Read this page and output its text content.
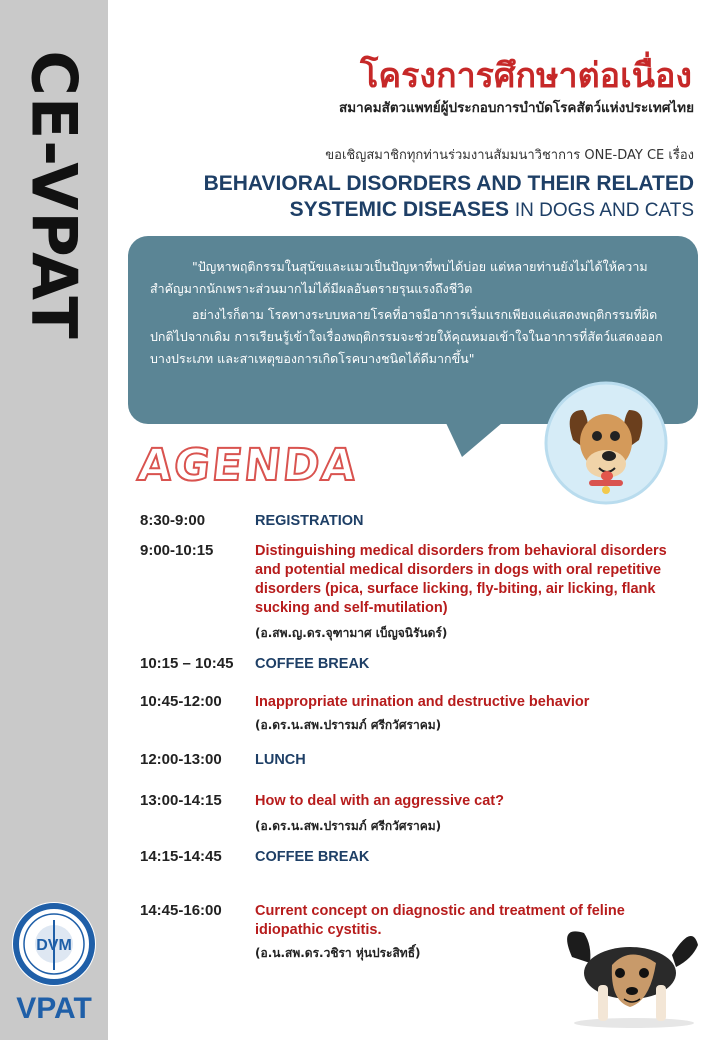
CE-VPAT
DVM
VPAT
โครงการศึกษาต่อเนื่อง
สมาคมสัตวแพทย์ผู้ประกอบการบำบัดโรคสัตว์แห่งประเทศไทย
ขอเชิญสมาชิกทุกท่านร่วมงานสัมมนาวิชาการ ONE-DAY CE เรื่อง
BEHAVIORAL DISORDERS AND THEIR RELATED
SYSTEMIC DISEASES IN DOGS AND CATS

"ปัญหาพฤติกรรมในสุนัขและแมวเป็นปัญหาที่พบได้บ่อย แต่หลายท่านยังไม่ได้ให้ความสำคัญมากนักเพราะส่วนมากไม่ได้มีผลอันตรายรุนแรงถึงชีวิต

อย่างไรก็ตาม โรคทางระบบหลายโรคที่อาจมีอาการเริ่มแรกเพียงแค่แสดงพฤติกรรมที่ผิดปกติไปจากเดิม การเรียนรู้เข้าใจเรื่องพฤติกรรมจะช่วยให้คุณหมอเข้าใจในอาการที่สัตว์แสดงออกบางประเภท และสาเหตุของการเกิดโรคบางชนิดได้ดีมากขึ้น"

AGENDA
8:30-9:00	REGISTRATION
9:00-10:15	Distinguishing medical disorders from behavioral disorders and potential medical disorders in dogs with oral repetitive disorders (pica, surface licking, fly-biting, air licking, flank sucking and self-mutilation)
(อ.สพ.ญ.ดร.จุฑามาศ เบ็ญจนิรันดร์)
10:15 – 10:45 COFFEE BREAK
10:45-12:00 Inappropriate urination and destructive behavior
(อ.ดร.น.สพ.ปรารมภ์ ศรีกวัศราคม)
12:00-13:00 LUNCH
13:00-14:15 How to deal with an aggressive cat?
(อ.ดร.น.สพ.ปรารมภ์ ศรีกวัศราคม)
14:15-14:45 COFFEE BREAK
14:45-16:00 Current concept on diagnostic and treatment of feline idiopathic cystitis.
(อ.น.สพ.ดร.วชิรา หุ่นประสิทธิ์)
